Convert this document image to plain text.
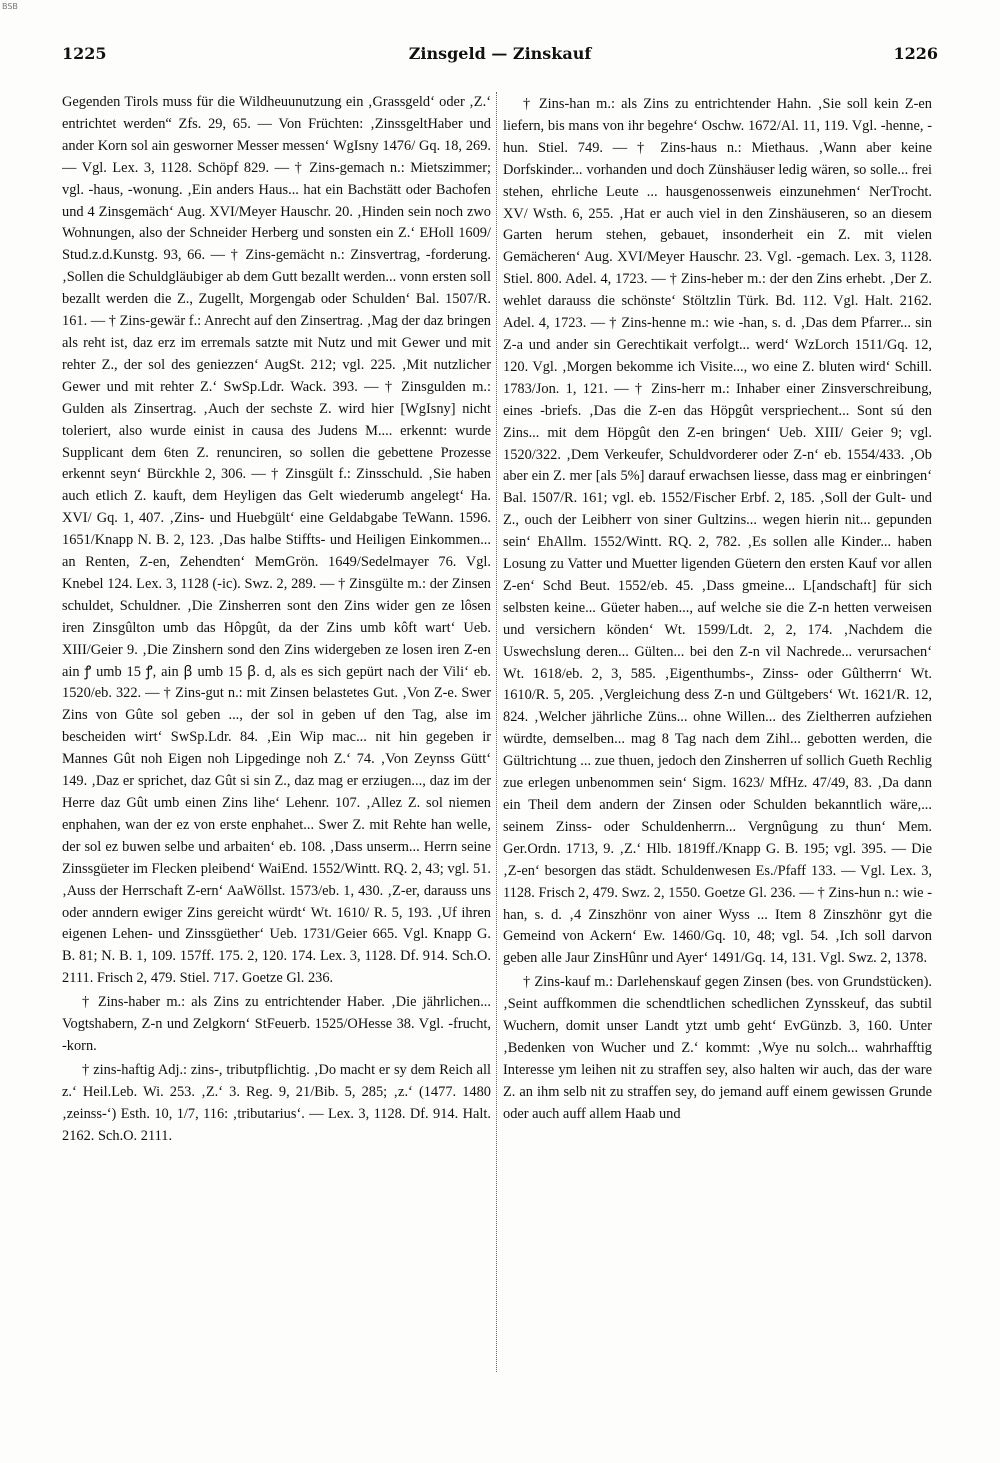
BSB
1225	Zinsgeld — Zinskauf	1226

Gegenden Tirols muss für die Wildheuunutzung ein ‚Grassgeld‘ oder ‚Z.‘ entrichtet werden“ Zfs. 29, 65. — Von Früchten: ‚ZinssgeltHaber und ander Korn sol ain gesworner Messer messen‘ WgIsny 1476/ Gq. 18, 269. — Vgl. Lex. 3, 1128. Schöpf 829. — † Zins-gemach n.: Mietszimmer; vgl. -haus, -wonung. ‚Ein anders Haus... hat ein Bachstätt oder Bachofen und 4 Zinsgemäch‘ Aug. XVI/Meyer Hauschr. 20. ‚Hinden sein noch zwo Wohnungen, also der Schneider Herberg und sonsten ein Z.‘ EHoll 1609/ Stud.z.d.Kunstg. 93, 66. — † Zins-gemächt n.: Zinsvertrag, -forderung. ‚Sollen die Schuldgläubiger ab dem Gutt bezallt werden... vonn ersten soll bezallt werden die Z., Zugellt, Morgengab oder Schulden‘ Bal. 1507/R. 161. — † Zins-gewär f.: Anrecht auf den Zinsertrag. ‚Mag der daz bringen als reht ist, daz erz im erremals satzte mit Nutz und mit Gewer und mit rehter Z., der sol des geniezzen‘ AugSt. 212; vgl. 225. ‚Mit nutzlicher Gewer und mit rehter Z.‘ SwSp.Ldr. Wack. 393. — † Zinsgulden m.: Gulden als Zinsertrag. ‚Auch der sechste Z. wird hier [WgIsny] nicht toleriert, also wurde einist in causa des Judens M.... erkennt: wurde Supplicant dem 6ten Z. renunciren, so sollen die gebettene Prozesse erkennt seyn‘ Bürckhle 2, 306. — † Zinsgült f.: Zinsschuld. ‚Sie haben auch etlich Z. kauft, dem Heyligen das Gelt wiederumb angelegt‘ Ha. XVI/ Gq. 1, 407. ‚Zins- und Huebgült‘ eine Geldabgabe TeWann. 1596. 1651/Knapp N. B. 2, 123. ‚Das halbe Stiffts- und Heiligen Einkommen... an Renten, Z-en, Zehendten‘ MemGrön. 1649/Sedelmayer 76. Vgl. Knebel 124. Lex. 3, 1128 (-ic). Swz. 2, 289. — † Zinsgülte m.: der Zinsen schuldet, Schuldner. ‚Die Zinsherren sont den Zins wider gen ze lôsen iren Zinsgûlton umb das Hôpgût, da der Zins umb kôft wart‘ Ueb. XIII/Geier 9. ‚Die Zinshern sond den Zins widergeben ze losen iren Z-en ain ꝭ umb 15 ꝭ, ain ꞵ umb 15 ꞵ. d, als es sich gepürt nach der Vili‘ eb. 1520/eb. 322. — † Zins-gut n.: mit Zinsen belastetes Gut. ‚Von Z-e. Swer Zins von Gûte sol geben ..., der sol in geben uf den Tag, alse im bescheiden wirt‘ SwSp.Ldr. 84. ‚Ein Wip mac... nit hin gegeben ir Mannes Gût noh Eigen noh Lipgedinge noh Z.‘ 74. ‚Von Zeynss Gütt‘ 149. ‚Daz er sprichet, daz Gût si sin Z., daz mag er erziugen..., daz im der Herre daz Gût umb einen Zins lihe‘ Lehenr. 107. ‚Allez Z. sol niemen enphahen, wan der ez von erste enphahet... Swer Z. mit Rehte han welle, der sol ez buwen selbe und arbaiten‘ eb. 108. ‚Dass unserm... Herrn seine Zinssgüeter im Flecken pleibend‘ WaiEnd. 1552/Wintt. RQ. 2, 43; vgl. 51. ‚Auss der Herrschaft Z-ern‘ AaWöllst. 1573/eb. 1, 430. ‚Z-er, darauss uns oder anndern ewiger Zins gereicht würdt‘ Wt. 1610/ R. 5, 193. ‚Uf ihren eigenen Lehen- und Zinssgüether‘ Ueb. 1731/Geier 665. Vgl. Knapp G. B. 81; N. B. 1, 109. 157ff. 175. 2, 120. 174. Lex. 3, 1128. Df. 914. Sch.O. 2111. Frisch 2, 479. Stiel. 717. Goetze Gl. 236.

† Zins-haber m.: als Zins zu entrichtender Haber. ‚Die jährlichen... Vogtshabern, Z-n und Zelgkorn‘ StFeuerb. 1525/OHesse 38. Vgl. -frucht, -korn.

† zins-haftig Adj.: zins-, tributpflichtig. ‚Do macht er sy dem Reich all z.‘ Heil.Leb. Wi. 253. ‚Z.‘ 3. Reg. 9, 21/Bib. 5, 285; ‚z.‘ (1477. 1480 ‚zeinss-‘) Esth. 10, 1/7, 116: ‚tributarius‘. — Lex. 3, 1128. Df. 914. Halt. 2162. Sch.O. 2111.

† Zins-han m.: als Zins zu entrichtender Hahn. ‚Sie soll kein Z-en liefern, bis mans von ihr begehre‘ Oschw. 1672/Al. 11, 119. Vgl. -henne, -hun. Stiel. 749. — † Zins-haus n.: Miethaus. ‚Wann aber keine Dorfskinder... vorhanden und doch Zünshäuser ledig wären, so solle... frei stehen, ehrliche Leute ... hausgenossenweis einzunehmen‘ NerTrocht. XV/ Wsth. 6, 255. ‚Hat er auch viel in den Zinshäuseren, so an diesem Garten herum stehen, gebauet, insonderheit ein Z. mit vielen Gemächeren‘ Aug. XVI/Meyer Hauschr. 23. Vgl. -gemach. Lex. 3, 1128. Stiel. 800. Adel. 4, 1723. — † Zins-heber m.: der den Zins erhebt. ‚Der Z. wehlet darauss die schönste‘ Stöltzlin Türk. Bd. 112. Vgl. Halt. 2162. Adel. 4, 1723. — † Zins-henne m.: wie -han, s. d. ‚Das dem Pfarrer... sin Z-a und ander sin Gerechtikait verfolgt... werd‘ WzLorch 1511/Gq. 12, 120. Vgl. ‚Morgen bekomme ich Visite..., wo eine Z. bluten wird‘ Schill. 1783/Jon. 1, 121. — † Zins-herr m.: Inhaber einer Zinsverschreibung, eines -briefs. ‚Das die Z-en das Höpgût verspriechent... Sont sú den Zins... mit dem Höpgût den Z-en bringen‘ Ueb. XIII/ Geier 9; vgl. 1520/322. ‚Dem Verkeufer, Schuldvorderer oder Z-n‘ eb. 1554/433. ‚Ob aber ein Z. mer [als 5%] darauf erwachsen liesse, dass mag er einbringen‘ Bal. 1507/R. 161; vgl. eb. 1552/Fischer Erbf. 2, 185. ‚Soll der Gult- und Z., ouch der Leibherr von siner Gultzins... wegen hierin nit... gepunden sein‘ EhAllm. 1552/Wintt. RQ. 2, 782. ‚Es sollen alle Kinder... haben Losung zu Vatter und Muetter ligenden Güetern den ersten Kauf vor allen Z-en‘ Schd Beut. 1552/eb. 45. ‚Dass gmeine... L[andschaft] für sich selbsten keine... Güeter haben..., auf welche sie die Z-n hetten verweisen und versichern könden‘ Wt. 1599/Ldt. 2, 2, 174. ‚Nachdem die Uswechslung deren... Gülten... bei den Z-n vil Nachrede... verursachen‘ Wt. 1618/eb. 2, 3, 585. ‚Eigenthumbs-, Zinss- oder Gûltherrn‘ Wt. 1610/R. 5, 205. ‚Vergleichung dess Z-n und Gültgebers‘ Wt. 1621/R. 12, 824. ‚Welcher jährliche Züns... ohne Willen... des Zieltherren aufziehen würdte, demselben... mag 8 Tag nach dem Zihl... gebotten werden, die Gültrichtung ... zue thuen, jedoch den Zinsherren uf sollich Gueth Rechlig zue erlegen unbenommen sein‘ Sigm. 1623/ MfHz. 47/49, 83. ‚Da dann ein Theil dem andern der Zinsen oder Schulden bekanntlich wäre,... seinem Zinss- oder Schuldenherrn... Vergnûgung zu thun‘ Mem. Ger.Ordn. 1713, 9. ‚Z.‘ Hlb. 1819ff./Knapp G. B. 195; vgl. 395. — Die ‚Z-en‘ besorgen das städt. Schuldenwesen Es./Pfaff 133. — Vgl. Lex. 3, 1128. Frisch 2, 479. Swz. 2, 1550. Goetze Gl. 236. — † Zins-hun n.: wie -han, s. d. ‚4 Zinszhönr von ainer Wyss ... Item 8 Zinszhönr gyt die Gemeind von Ackern‘ Ew. 1460/Gq. 10, 48; vgl. 54. ‚Ich soll darvon geben alle Jaur ZinsHûnr und Ayer‘ 1491/Gq. 14, 131. Vgl. Swz. 2, 1378.

† Zins-kauf m.: Darlehenskauf gegen Zinsen (bes. von Grundstücken). ‚Seint auffkommen die schendtlichen schedlichen Zynsskeuf, das subtil Wuchern, domit unser Landt ytzt umb geht‘ EvGünzb. 3, 160. Unter ‚Bedenken von Wucher und Z.‘ kommt: ‚Wye nu solch... wahrhafftig Interesse ym leihen nit zu straffen sey, also halten wir auch, das der ware Z. an ihm selb nit zu straffen sey, do jemand auff einem gewissen Grunde oder auch auff allem Haab und
